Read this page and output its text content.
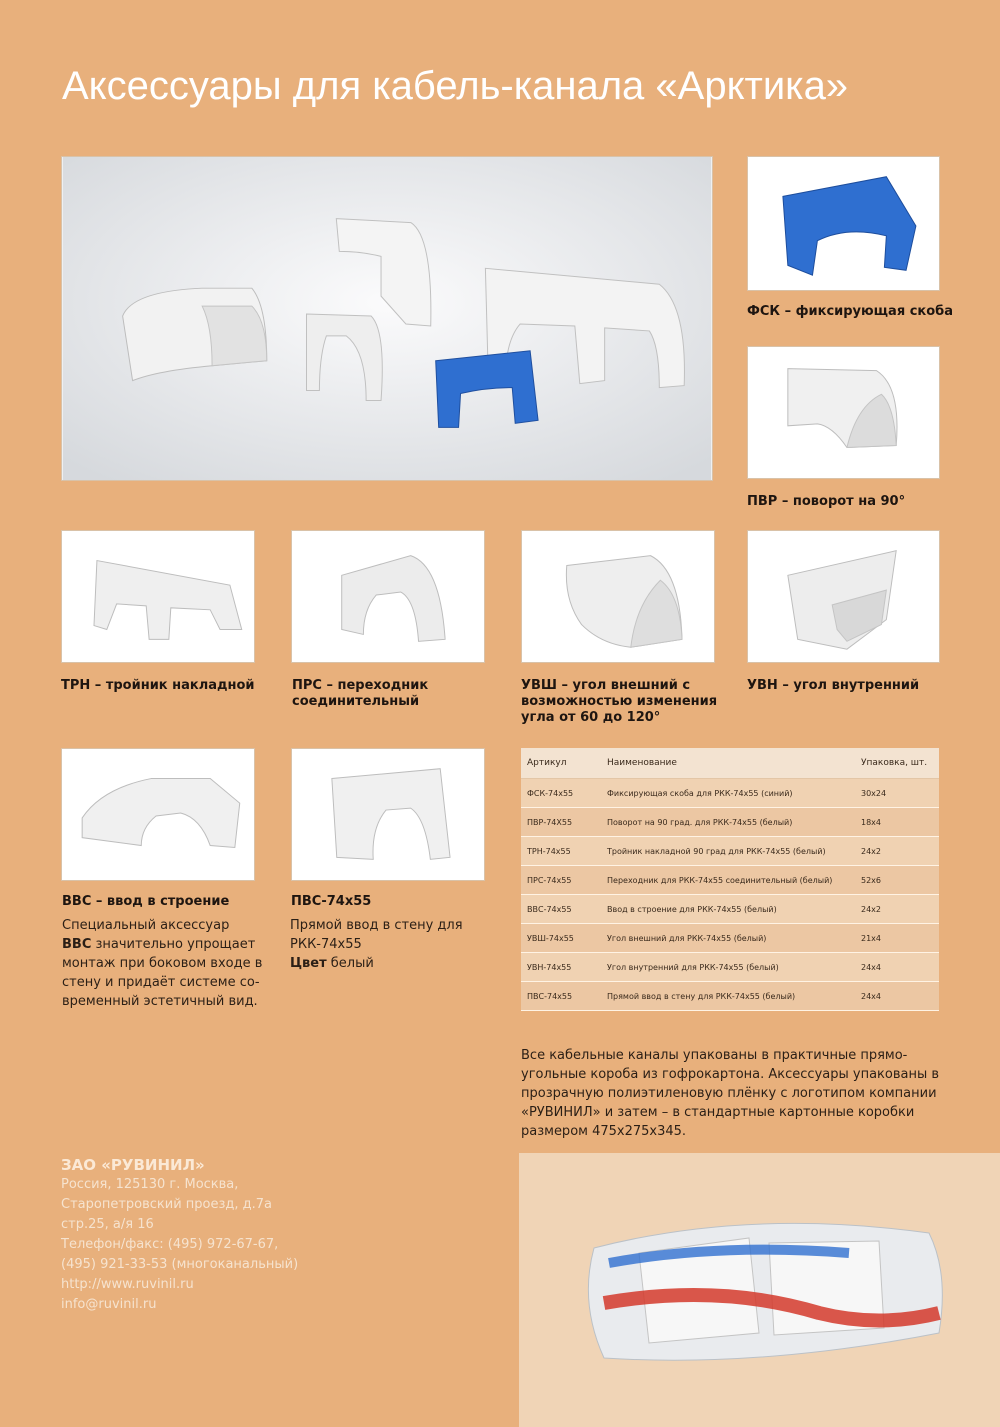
Аксессуары для кабель-канала «Арктика»
ФСК – фиксирующая скоба
ПВР – поворот на 90°
ТРН – тройник накладной	ПРС – переходник
соединительный
УВШ – угол внешний с
возможностью изменения
угла от 60 до 120°
УВН – угол внутренний
ВВС – ввод в строение
Специальный аксессуар
ВВС значительно упрощает
монтаж при боковом входе в
стену и придаёт системе со-
временный эстетичный вид.
ПВС-74х55
Прямой ввод в стену для
РКК-74х55
Цвет белый
Артикул	Наименование	Упаковка, шт.
ФСК-74х55	Фиксирующая скоба для РКК-74х55 (синий)	30х24
ПВР-74Х55	Поворот на 90 град. для РКК-74х55 (белый)	18х4
ТРН-74х55	Тройник накладной 90 град для РКК-74х55 (белый)	24х2
ПРС-74х55	Переходник для РКК-74х55 соединительный (белый)	52х6
ВВС-74х55	Ввод в строение для РКК-74х55 (белый)	24х2
УВШ-74х55	Угол внешний для РКК-74х55 (белый)	21х4
УВН-74х55	Угол внутренний для РКК-74х55 (белый)	24х4
ПВС-74х55	Прямой ввод в стену для РКК-74х55 (белый)	24х4
Все кабельные каналы упакованы в практичные прямо-
угольные короба из гофрокартона. Аксессуары упакованы в
прозрачную полиэтиленовую плёнку с логотипом компании
«РУВИНИЛ» и затем – в стандартные картонные коробки
размером 475х275х345.
ЗАО «РУВИНИЛ»
Россия, 125130 г. Москва,
Старопетровский проезд, д.7а
стр.25, а/я 16
Телефон/факс: (495) 972-67-67,
(495) 921-33-53 (многоканальный)
http://www.ruvinil.ru
info@ruvinil.ru
